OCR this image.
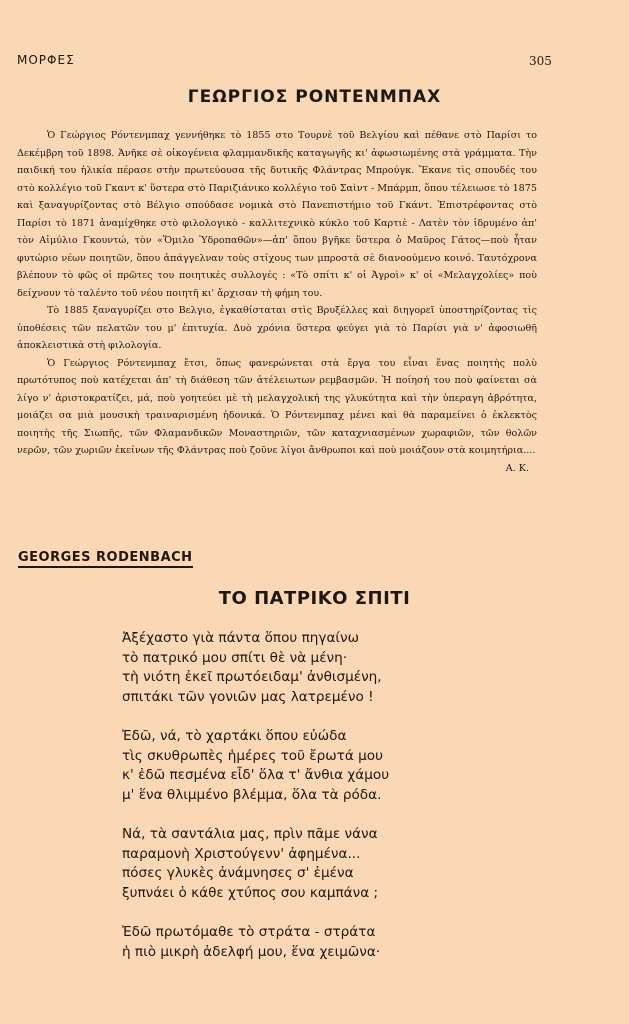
ΜΟΡΦΕΣ	305
ΓΕΩΡΓΙΟΣ ΡΟΝΤΕΝΜΠΑΧ

Ὁ Γεώργιος Ρόντενμπαχ γεννήθηκε τὸ 1855 στο Τουρνὲ τοῦ Βελγίου καὶ πέθανε στὸ Παρίσι το Δεκέμβρη τοῦ 1898. Ἀνῆκε σὲ οἰκογένεια φλαμμανδικῆς καταγωγῆς κι' ἀφωσιωμένης στὰ γράμματα. Τὴν παιδική του ἡλικία πέρασε στὴν πρωτεύουσα τῆς δυτικῆς Φλάντρας Μπρούγκ. Ἔκανε τὶς σπουδές του στὸ κολλέγιο τοῦ Γκαντ κ' ὕστερα στὸ Παριζιάνικο κολλέγιο τοῦ Σαὶντ - Μπάρμπ, ὅπου τέλειωσε τὸ 1875 καὶ ξαναγυρίζοντας στὸ Βέλγιο σπούδασε νομικὰ στὸ Πανεπιστήμιο τοῦ Γκάντ. Ἐπιστρέφοντας στὸ Παρίσι τὸ 1871 ἀναμίχθηκε στὸ φιλολογικὸ - καλλιτεχνικὸ κύκλο τοῦ Καρτιὲ - Λατὲν τὸν ἱδρυμένο ἀπ' τὸν Αἰμύλιο Γκουντώ, τὸν «Ὅμιλο Ὑδροπαθῶν»—ἀπ' ὅπου βγῆκε ὕστερα ὁ Μαῦρος Γάτος—ποὺ ἦταν φυτώριο νέων ποιητῶν, ὅπου ἀπάγγελναν τοὺς στίχους των μπροστὰ σὲ διανοούμενο κοινό. Ταυτόχρονα βλέπουν τὸ φῶς οἱ πρῶτες του ποιητικὲς συλλογές : «Τὸ σπίτι κ' οἱ Ἀγροὶ» κ' οἱ «Μελαγχολίες» ποὺ δείχνουν τὸ ταλέντο τοῦ νέου ποιητῆ κι' ἄρχισαν τὴ φήμη του.

Τὸ 1885 ξαναγυρίζει στο Βελγιο, ἐγκαθίσταται στὶς Βρυξέλλες καὶ διηγορεῖ ὑποστηρίζοντας τὶς ὑποθέσεις τῶν πελατῶν του μ' ἐπιτυχία. Δυὸ χρόνια ὕστερα φεύγει γιὰ τὸ Παρίσι γιὰ ν' ἀφοσιωθῆ ἀποκλειστικὰ στὴ φιλολογία.

Ὁ Γεώργιος Ρόντενμπαχ ἔτσι, ὅπως φανερώνεται στὰ ἔργα του εἶναι ἕνας ποιητὴς πολὺ πρωτότυπος ποὺ κατέχεται ἀπ' τὴ διάθεση τῶν ἀτέλειωτων ρεμβασμῶν. Ἡ ποίησή του ποὺ φαίνεται σὰ λίγο ν' ἀριστοκρατίζει, μά, ποὺ γοητεύει μὲ τὴ μελαγχολική της γλυκύτητα καὶ τὴν ὑπεραγη ἀβρότητα, μοιάζει σα μιὰ μουσικὴ τραιναρισμένη ἡδονικά. Ὁ Ρόντενμπαχ μένει καὶ θὰ παραμείνει ὁ ἐκλεκτὸς ποιητὴς τῆς Σιωπῆς, τῶν Φλαμανδικῶν Μοναστηριῶν, τῶν καταχνιασμένων χωραφιῶν, τῶν θολῶν νερῶν, τῶν χωριῶν ἐκείνων τῆς Φλάντρας ποὺ ζοῦνε λίγοι ἄνθρωποι καὶ ποὺ μοιάζουν στὰ κοιμητήρια....

Α. Κ.
GEORGES RODENBACH
ΤΟ ΠΑΤΡΙΚΟ ΣΠΙΤΙ
Ἀξέχαστο γιὰ πάντα ὅπου πηγαίνω
τὸ πατρικό μου σπίτι θὲ νὰ μένη·
τὴ νιότη ἐκεῖ πρωτόειδαμ' ἀνθισμένη,
σπιτάκι τῶν γονιῶν μας λατρεμένο !
Ἐδῶ, νά, τὸ χαρτάκι ὅπου εὐώδα
τὶς σκυθρωπὲς ἡμέρες τοῦ ἔρωτά μου
κ' ἐδῶ πεσμένα εἶδ' ὅλα τ' ἄνθια χάμου
μ' ἕνα θλιμμένο βλέμμα, ὅλα τὰ ρόδα.
Νά, τὰ σαντάλια μας, πρὶν πᾶμε νάνα
παραμονὴ Χριστούγενν' ἀφημένα...
πόσες γλυκὲς ἀνάμνησες σ' ἐμένα
ξυπνάει ὁ κάθε χτύπος σου καμπάνα ;
Ἐδῶ πρωτόμαθε τὸ στράτα - στράτα
ἡ πιὸ μικρὴ ἀδελφή μου, ἕνα χειμῶνα·
